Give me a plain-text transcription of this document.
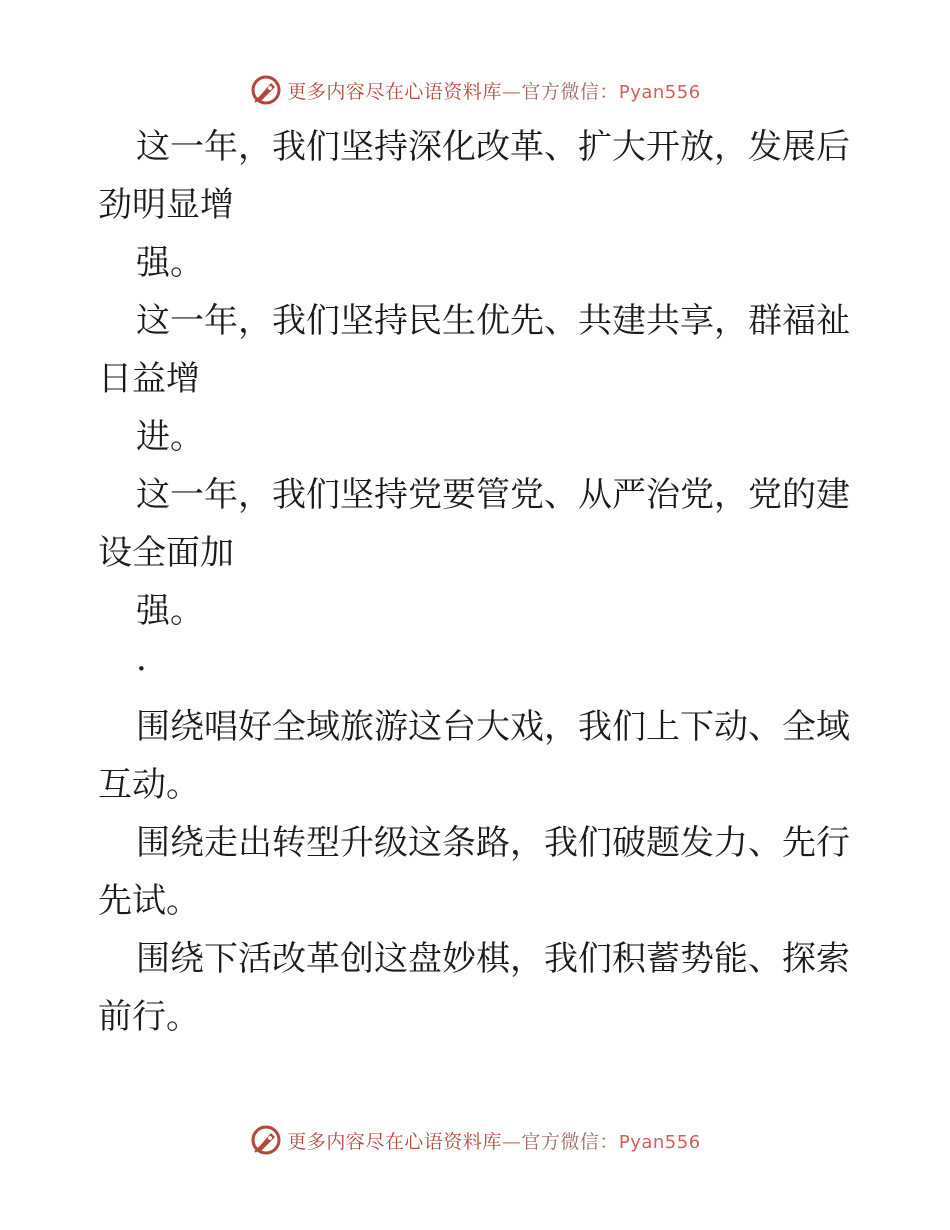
更多内容尽在心语资料库—官方微信：Pyan556
这一年，我们坚持深化改革、扩大开放，发展后
劲明显增
强。
这一年，我们坚持民生优先、共建共享，群福祉
日益增
进。
这一年，我们坚持党要管党、从严治党，党的建
设全面加
强。
·
围绕唱好全域旅游这台大戏，我们上下动、全域
互动。
围绕走出转型升级这条路，我们破题发力、先行
先试。
围绕下活改革创这盘妙棋，我们积蓄势能、探索
前行。
更多内容尽在心语资料库—官方微信：Pyan556
